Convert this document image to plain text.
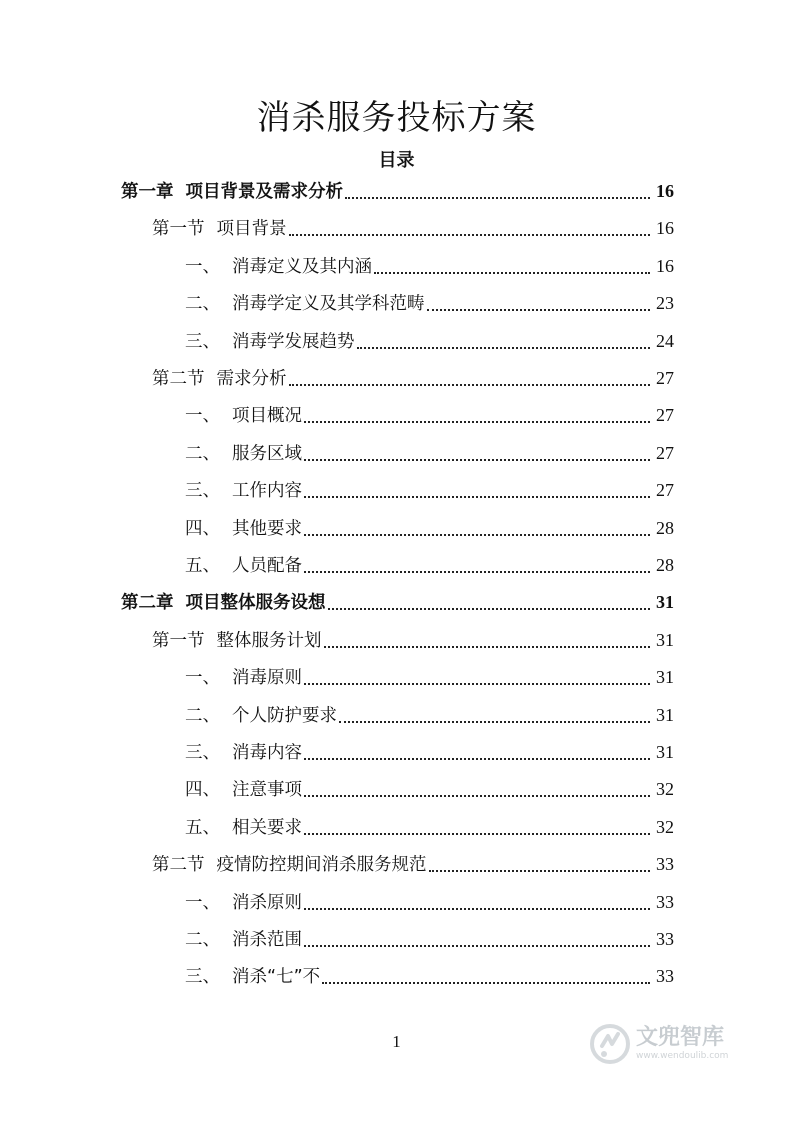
消杀服务投标方案
目录
第一章 项目背景及需求分析	16
第一节 项目背景	16
一、 消毒定义及其内涵	16
二、 消毒学定义及其学科范畴	23
三、 消毒学发展趋势	24
第二节 需求分析	27
一、 项目概况	27
二、 服务区域	27
三、 工作内容	27
四、 其他要求	28
五、 人员配备	28
第二章 项目整体服务设想	31
第一节 整体服务计划	31
一、 消毒原则	31
二、 个人防护要求	31
三、 消毒内容	31
四、 注意事项	32
五、 相关要求	32
第二节 疫情防控期间消杀服务规范	33
一、 消杀原则	33
二、 消杀范围	33
三、 消杀“七”不	33
1	文兜智库
www.wendoulib.com
